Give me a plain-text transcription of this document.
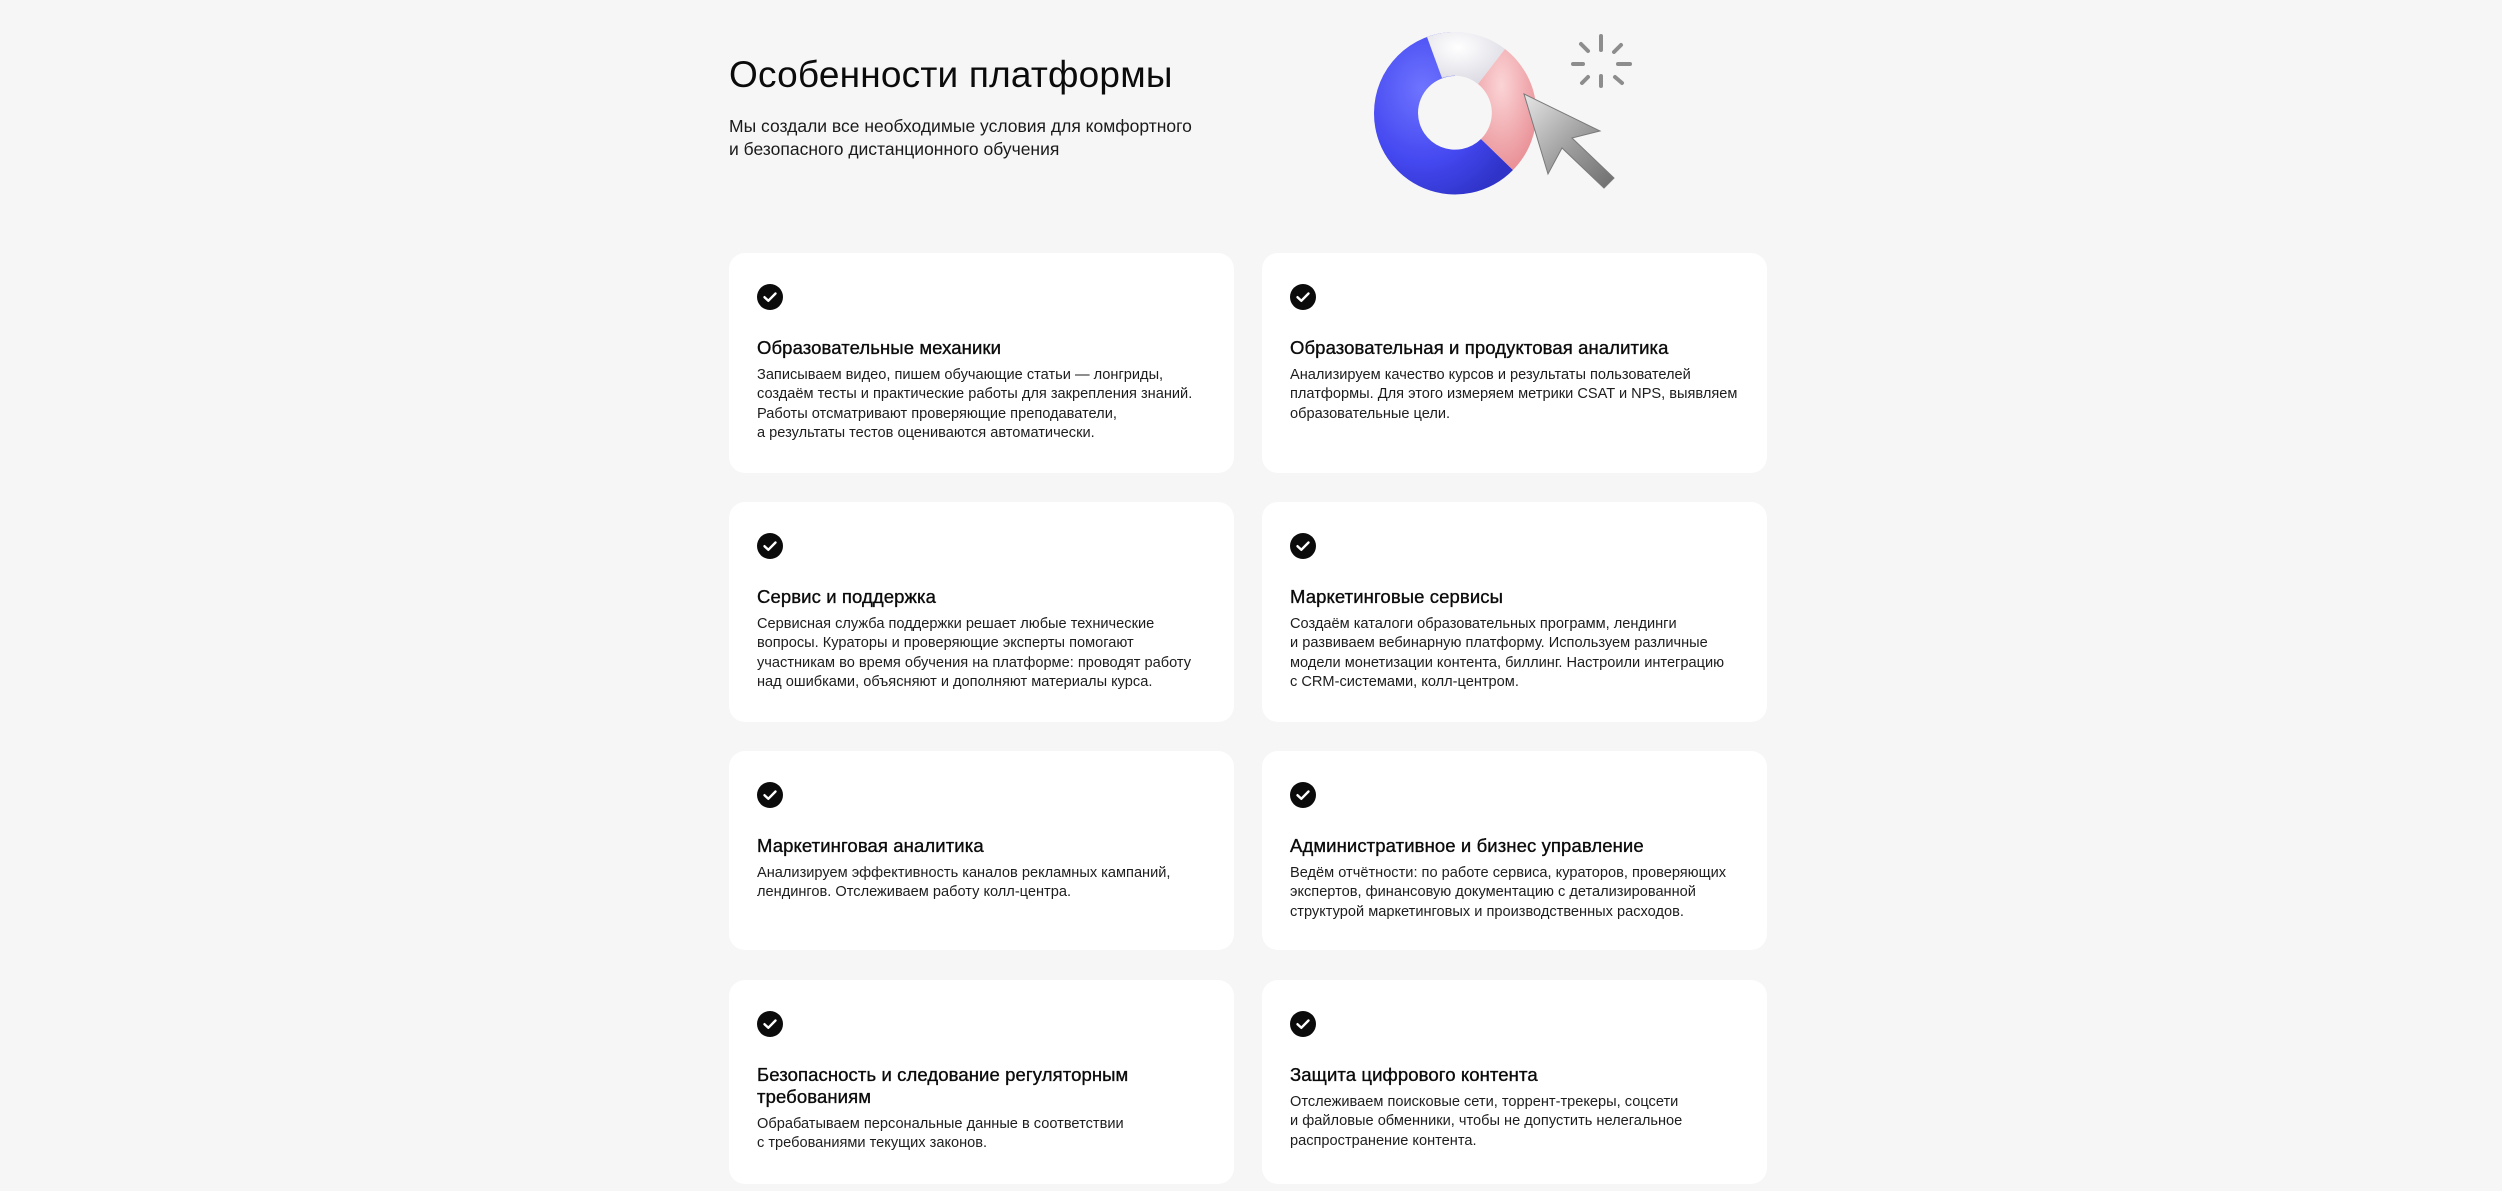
Особенности платформы
Мы создали все необходимые условия для комфортного
и безопасного дистанционного обучения
Образовательные механики
Записываем видео, пишем обучающие статьи — лонгриды,
создаём тесты и практические работы для закрепления знаний.
Работы отсматривают проверяющие преподаватели,
а результаты тестов оцениваются автоматически.
Образовательная и продуктовая аналитика
Анализируем качество курсов и результаты пользователей
платформы. Для этого измеряем метрики CSAT и NPS, выявляем
образовательные цели.
Сервис и поддержка
Сервисная служба поддержки решает любые технические
вопросы. Кураторы и проверяющие эксперты помогают
участникам во время обучения на платформе: проводят работу
над ошибками, объясняют и дополняют материалы курса.
Маркетинговые сервисы
Создаём каталоги образовательных программ, лендинги
и развиваем вебинарную платформу. Используем различные
модели монетизации контента, биллинг. Настроили интеграцию
с CRM-системами, колл-центром.
Маркетинговая аналитика
Анализируем эффективность каналов рекламных кампаний,
лендингов. Отслеживаем работу колл-центра.
Административное и бизнес управление
Ведём отчётности: по работе сервиса, кураторов, проверяющих
экспертов, финансовую документацию с детализированной
структурой маркетинговых и производственных расходов.
Безопасность и следование регуляторным
требованиям
Обрабатываем персональные данные в соответствии
с требованиями текущих законов.
Защита цифрового контента
Отслеживаем поисковые сети, торрент-трекеры, соцсети
и файловые обменники, чтобы не допустить нелегальное
распространение контента.
